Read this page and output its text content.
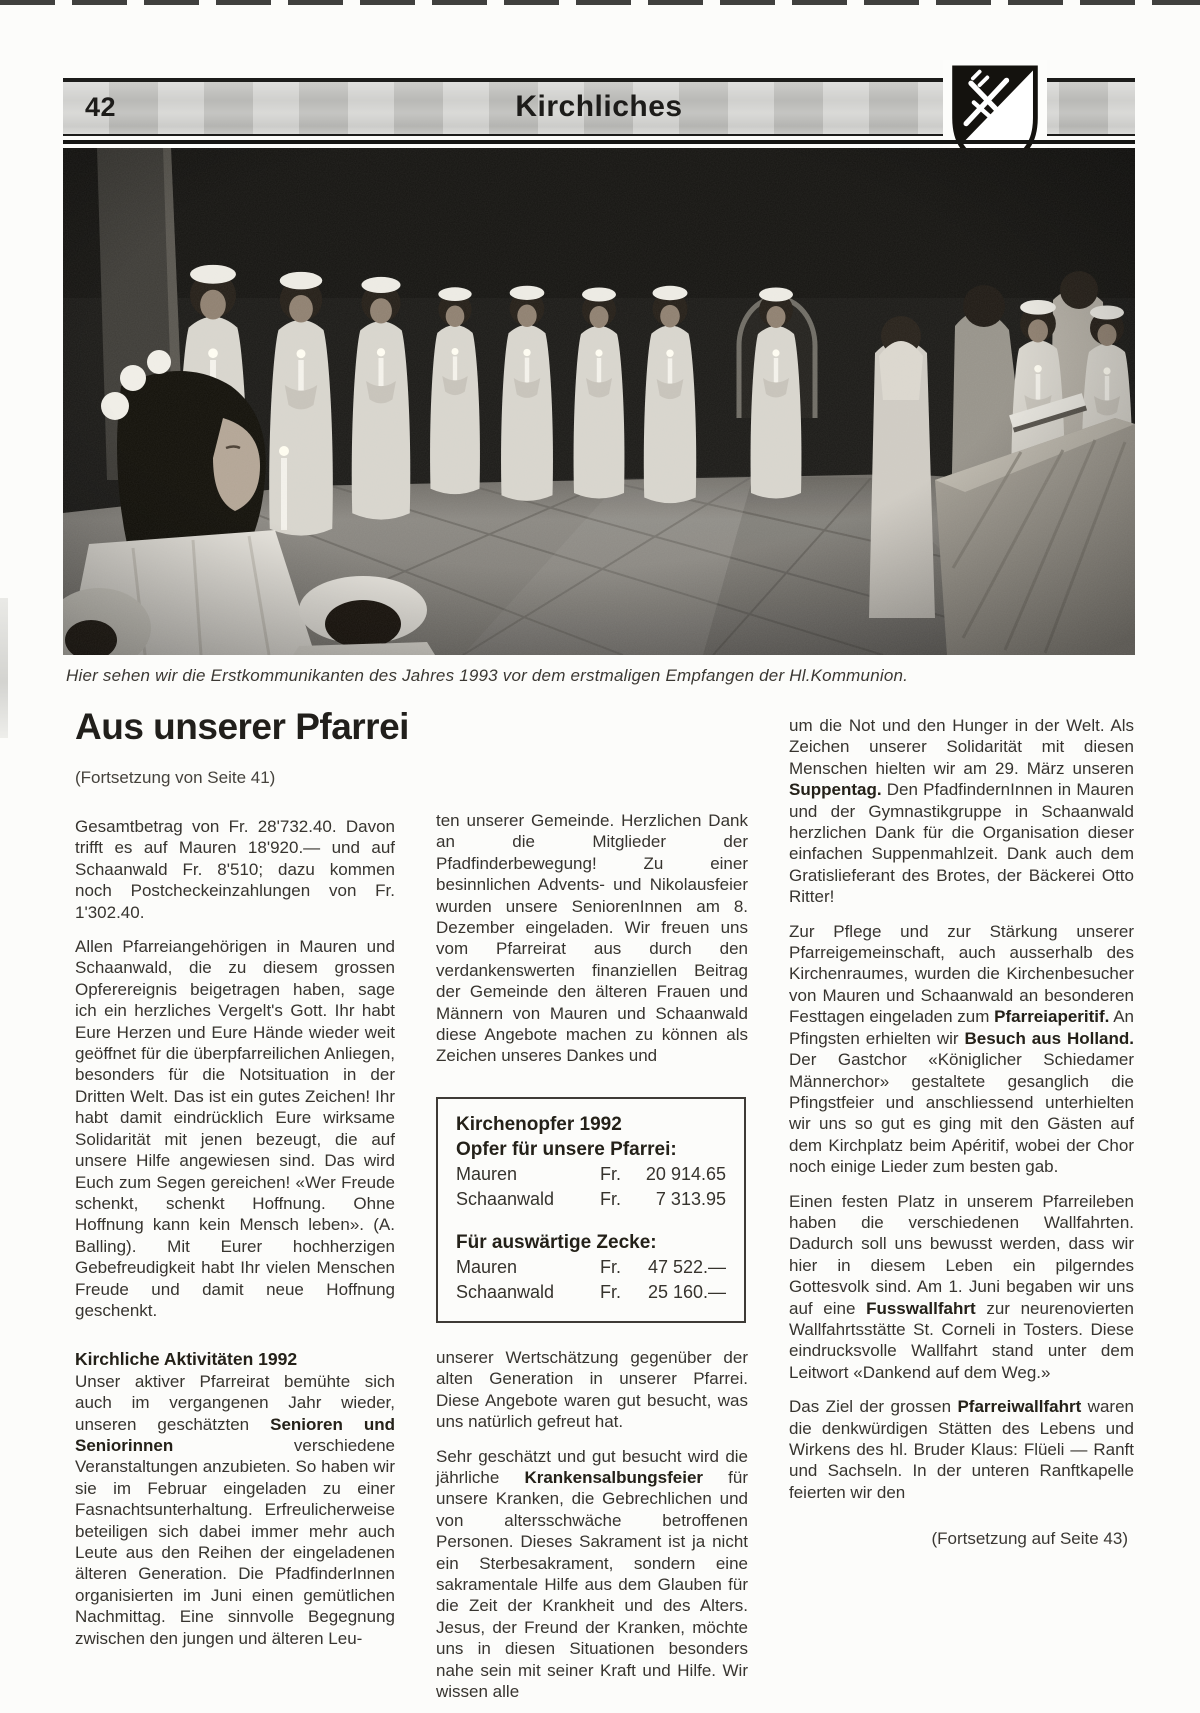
42	Kirchliches
Hier sehen wir die Erstkommunikanten des Jahres 1993 vor dem erstmaligen Empfangen der Hl.Kommunion.
Aus unserer Pfarrei
(Fortsetzung von Seite 41)

Gesamtbetrag von Fr. 28'732.40. Davon trifft es auf Mauren 18'920.— und auf Schaanwald Fr. 8'510; dazu kommen noch Postcheckeinzahlungen von Fr. 1'302.40.

Allen Pfarreiangehörigen in Mauren und Schaanwald, die zu diesem grossen Opferereignis beigetragen haben, sage ich ein herzliches Vergelt's Gott. Ihr habt Eure Herzen und Eure Hände wieder weit geöffnet für die überpfarreilichen Anliegen, besonders für die Notsituation in der Dritten Welt. Das ist ein gutes Zeichen! Ihr habt damit eindrücklich Eure wirksame Solidarität mit jenen bezeugt, die auf unsere Hilfe angewiesen sind. Das wird Euch zum Segen gereichen! «Wer Freude schenkt, schenkt Hoffnung. Ohne Hoffnung kann kein Mensch leben». (A. Balling). Mit Eurer hochherzigen Gebefreudigkeit habt Ihr vielen Menschen Freude und damit neue Hoffnung geschenkt.

Kirchliche Aktivitäten 1992

Unser aktiver Pfarreirat bemühte sich auch im vergangenen Jahr wieder, unseren geschätzten Senioren und Seniorinnen verschiedene Veranstaltungen anzubieten. So haben wir sie im Februar eingeladen zu einer Fasnachtsunterhaltung. Erfreulicherweise beteiligen sich dabei immer mehr auch Leute aus den Reihen der eingeladenen älteren Generation. Die PfadfinderInnen organisierten im Juni einen gemütlichen Nachmittag. Eine sinnvolle Begegnung zwischen den jungen und älteren Leu-

ten unserer Gemeinde. Herzlichen Dank an die Mitglieder der Pfadfinderbewegung! Zu einer besinnlichen Advents- und Nikolausfeier wurden unsere SeniorenInnen am 8. Dezember eingeladen. Wir freuen uns vom Pfarreirat aus durch den verdankenswerten finanziellen Beitrag der Gemeinde den älteren Frauen und Männern von Mauren und Schaanwald diese Angebote machen zu können als Zeichen unseres Dankes und

Kirchenopfer 1992
Opfer für unsere Pfarrei:
Mauren	Fr.	20 914.65
Schaanwald	Fr.	7 313.95
Für auswärtige Zecke:
Mauren	Fr.	47 522.—
Schaanwald	Fr.	25 160.—

unserer Wertschätzung gegenüber der alten Generation in unserer Pfarrei. Diese Angebote waren gut besucht, was uns natürlich gefreut hat.

Sehr geschätzt und gut besucht wird die jährliche Krankensalbungsfeier für unsere Kranken, die Gebrechlichen und von altersschwäche betroffenen Personen. Dieses Sakrament ist ja nicht ein Sterbesakrament, sondern eine sakramentale Hilfe aus dem Glauben für die Zeit der Krankheit und des Alters. Jesus, der Freund der Kranken, möchte uns in diesen Situationen besonders nahe sein mit seiner Kraft und Hilfe. Wir wissen alle

um die Not und den Hunger in der Welt. Als Zeichen unserer Solidarität mit diesen Menschen hielten wir am 29. März unseren Suppentag. Den PfadfindernInnen in Mauren und der Gymnastikgruppe in Schaanwald herzlichen Dank für die Organisation dieser einfachen Suppenmahlzeit. Dank auch dem Gratislieferant des Brotes, der Bäckerei Otto Ritter!

Zur Pflege und zur Stärkung unserer Pfarreigemeinschaft, auch ausserhalb des Kirchenraumes, wurden die Kirchenbesucher von Mauren und Schaanwald an besonderen Festtagen eingeladen zum Pfarreiaperitif. An Pfingsten erhielten wir Besuch aus Holland. Der Gastchor «Königlicher Schiedamer Männerchor» gestaltete gesanglich die Pfingstfeier und anschliessend unterhielten wir uns so gut es ging mit den Gästen auf dem Kirchplatz beim Apéritif, wobei der Chor noch einige Lieder zum besten gab.

Einen festen Platz in unserem Pfarreileben haben die verschiedenen Wallfahrten. Dadurch soll uns bewusst werden, dass wir hier in diesem Leben ein pilgerndes Gottesvolk sind. Am 1. Juni begaben wir uns auf eine Fusswallfahrt zur neurenovierten Wallfahrtsstätte St. Corneli in Tosters. Diese eindrucksvolle Wallfahrt stand unter dem Leitwort «Dankend auf dem Weg.»

Das Ziel der grossen Pfarreiwallfahrt waren die denkwürdigen Stätten des Lebens und Wirkens des hl. Bruder Klaus: Flüeli — Ranft und Sachseln. In der unteren Ranftkapelle feierten wir den

(Fortsetzung auf Seite 43)
